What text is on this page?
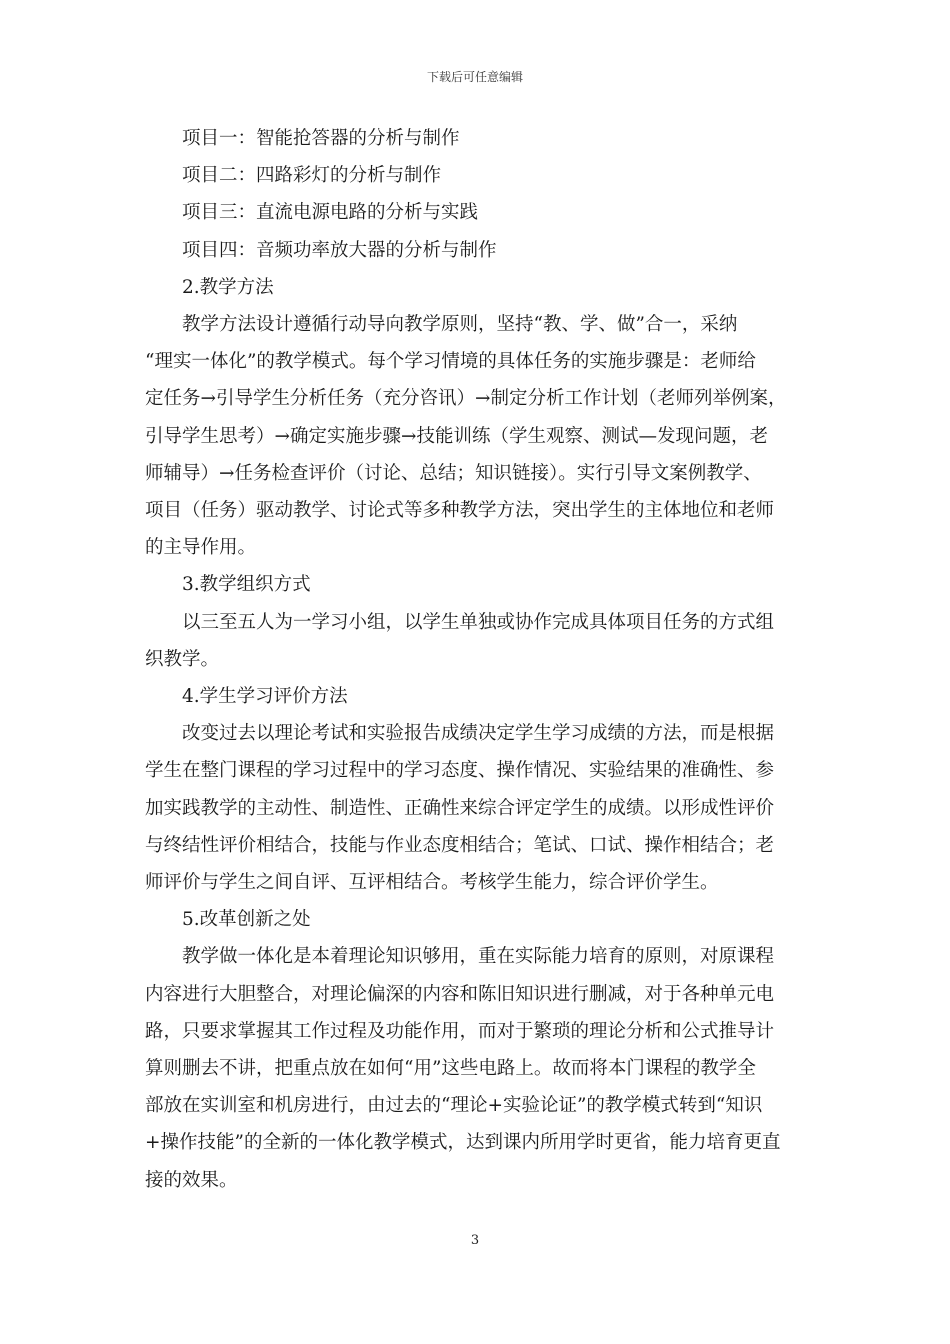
下载后可任意编辑

项目一：智能抢答器的分析与制作

项目二：四路彩灯的分析与制作

项目三：直流电源电路的分析与实践

项目四：音频功率放大器的分析与制作

2.教学方法

教学方法设计遵循行动导向教学原则，坚持“教、学、做”合一，采纳

“理实一体化”的教学模式。每个学习情境的具体任务的实施步骤是：老师给

定任务→引导学生分析任务（充分咨讯）→制定分析工作计划（老师列举例案，

引导学生思考）→确定实施步骤→技能训练（学生观察、测试—发现问题，老

师辅导）→任务检查评价（讨论、总结；知识链接）。实行引导文案例教学、

项目（任务）驱动教学、讨论式等多种教学方法，突出学生的主体地位和老师

的主导作用。

3.教学组织方式

以三至五人为一学习小组，以学生单独或协作完成具体项目任务的方式组

织教学。

4.学生学习评价方法

改变过去以理论考试和实验报告成绩决定学生学习成绩的方法，而是根据

学生在整门课程的学习过程中的学习态度、操作情况、实验结果的准确性、参

加实践教学的主动性、制造性、正确性来综合评定学生的成绩。以形成性评价

与终结性评价相结合，技能与作业态度相结合；笔试、口试、操作相结合；老

师评价与学生之间自评、互评相结合。考核学生能力，综合评价学生。

5.改革创新之处

教学做一体化是本着理论知识够用，重在实际能力培育的原则，对原课程

内容进行大胆整合，对理论偏深的内容和陈旧知识进行删减，对于各种单元电

路，只要求掌握其工作过程及功能作用，而对于繁琐的理论分析和公式推导计

算则删去不讲，把重点放在如何“用”这些电路上。故而将本门课程的教学全

部放在实训室和机房进行，由过去的“理论+实验论证”的教学模式转到“知识

+操作技能”的全新的一体化教学模式，达到课内所用学时更省，能力培育更直

接的效果。

3
